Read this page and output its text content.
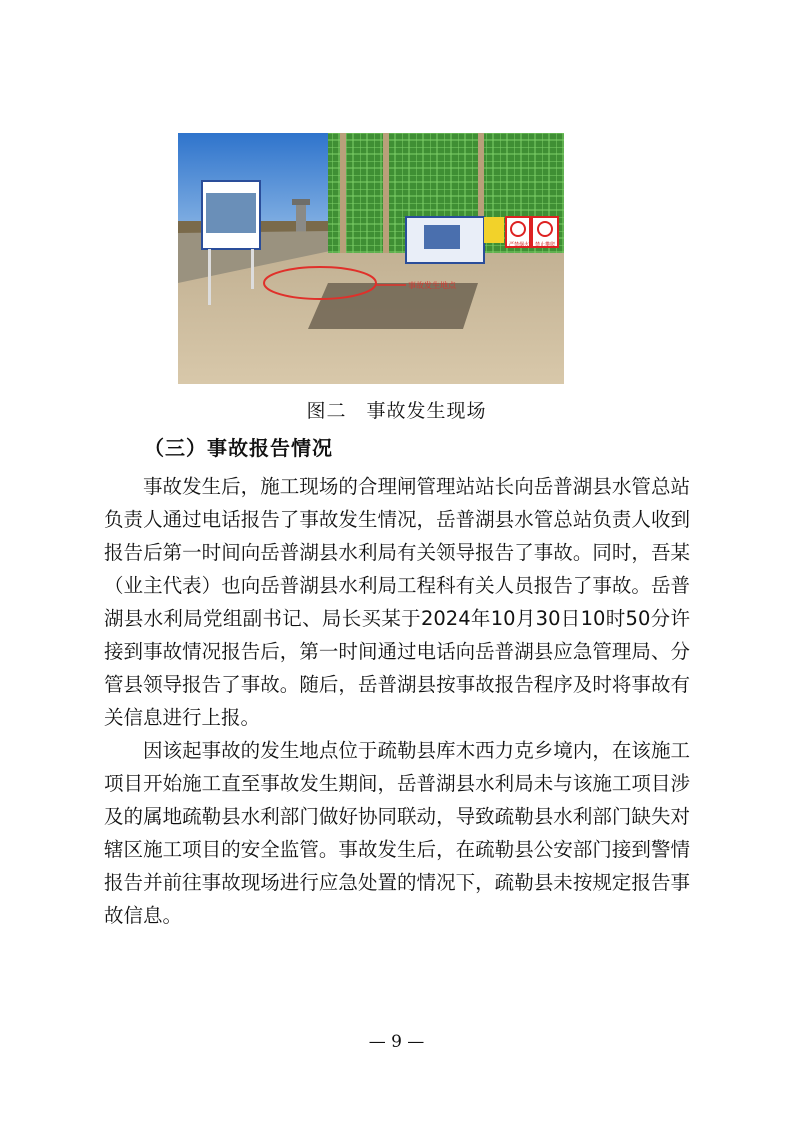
严禁烟火 禁止攀爬
事故发生地点
图二　事故发生现场
（三）事故报告情况

事故发生后，施工现场的合理闸管理站站长向岳普湖县水管总站负责人通过电话报告了事故发生情况，岳普湖县水管总站负责人收到报告后第一时间向岳普湖县水利局有关领导报告了事故。同时，吾某（业主代表）也向岳普湖县水利局工程科有关人员报告了事故。岳普湖县水利局党组副书记、局长买某于2024年10月30日10时50分许接到事故情况报告后，第一时间通过电话向岳普湖县应急管理局、分管县领导报告了事故。随后，岳普湖县按事故报告程序及时将事故有关信息进行上报。

因该起事故的发生地点位于疏勒县库木西力克乡境内，在该施工项目开始施工直至事故发生期间，岳普湖县水利局未与该施工项目涉及的属地疏勒县水利部门做好协同联动，导致疏勒县水利部门缺失对辖区施工项目的安全监管。事故发生后，在疏勒县公安部门接到警情报告并前往事故现场进行应急处置的情况下，疏勒县未按规定报告事故信息。

— 9 —
